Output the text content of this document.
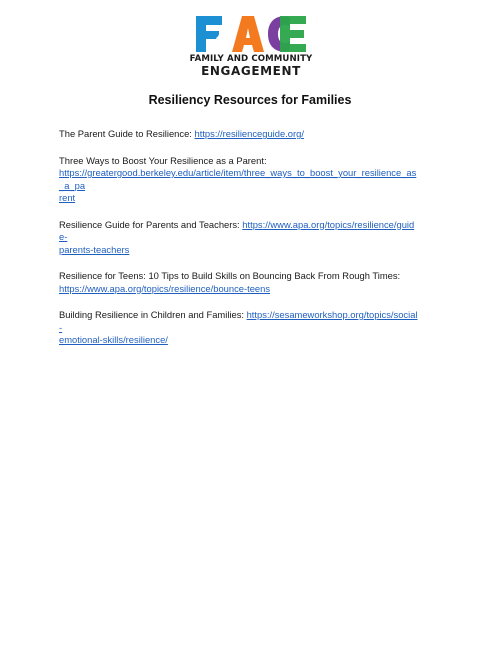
FAMILY AND COMMUNITY
ENGAGEMENT
Resiliency Resources for Families
The Parent Guide to Resilience: https://resilienceguide.org/
Three Ways to Boost Your Resilience as a Parent:
https://greatergood.berkeley.edu/article/item/three_ways_to_boost_your_resilience_as_a_pa
rent
Resilience Guide for Parents and Teachers: https://www.apa.org/topics/resilience/guide-
parents-teachers
Resilience for Teens: 10 Tips to Build Skills on Bouncing Back From Rough Times:
https://www.apa.org/topics/resilience/bounce-teens
Building Resilience in Children and Families: https://sesameworkshop.org/topics/social-
emotional-skills/resilience/
